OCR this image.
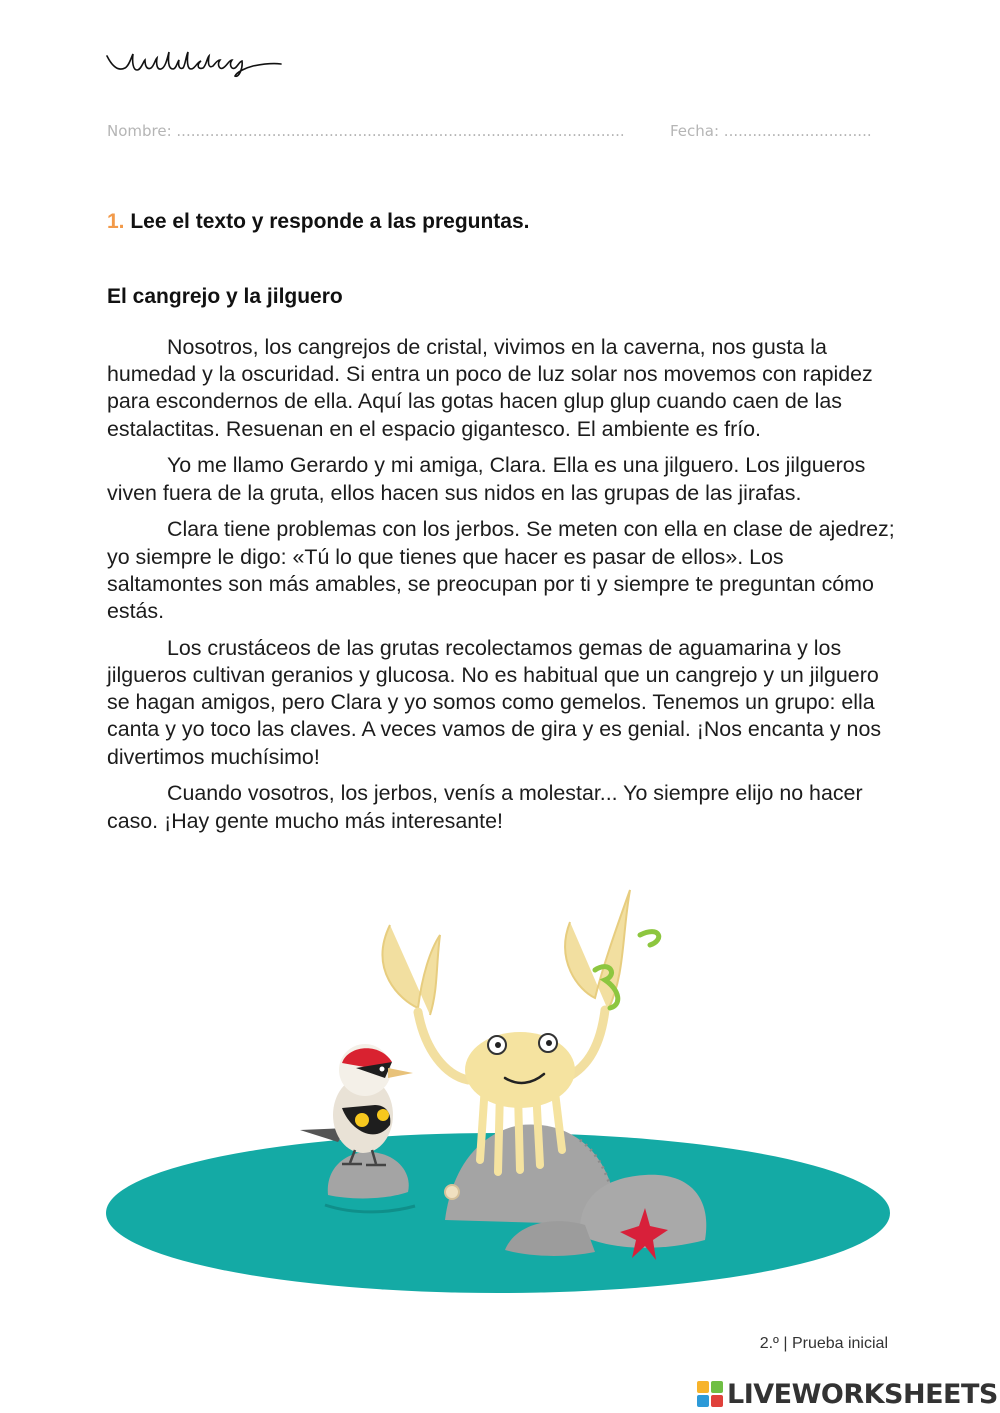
Nombre: ..............................................................................................	Fecha: ...............................
1. Lee el texto y responde a las preguntas.
El cangrejo y la jilguero

Nosotros, los cangrejos de cristal, vivimos en la caverna, nos gusta la humedad y la oscuridad. Si entra un poco de luz solar nos movemos con rapidez para escondernos de ella. Aquí las gotas hacen glup glup cuando caen de las estalactitas. Resuenan en el espacio gigantesco. El ambiente es frío.

Yo me llamo Gerardo y mi amiga, Clara. Ella es una jilguero. Los jilgueros viven fuera de la gruta, ellos hacen sus nidos en las grupas de las jirafas.

Clara tiene problemas con los jerbos. Se meten con ella en clase de ajedrez; yo siempre le digo: «Tú lo que tienes que hacer es pasar de ellos». Los saltamontes son más amables, se preocupan por ti y siempre te preguntan cómo estás.

Los crustáceos de las grutas recolectamos gemas de aguamarina y los jilgueros cultivan geranios y glucosa. No es habitual que un cangrejo y un jilguero se hagan amigos, pero Clara y yo somos como gemelos. Tenemos un grupo: ella canta y yo toco las claves. A veces vamos de gira y es genial. ¡Nos encanta y nos divertimos muchísimo!

Cuando vosotros, los jerbos, venís a molestar... Yo siempre elijo no hacer caso. ¡Hay gente mucho más interesante!

2.º | Prueba inicial
LIVEWORKSHEETS
